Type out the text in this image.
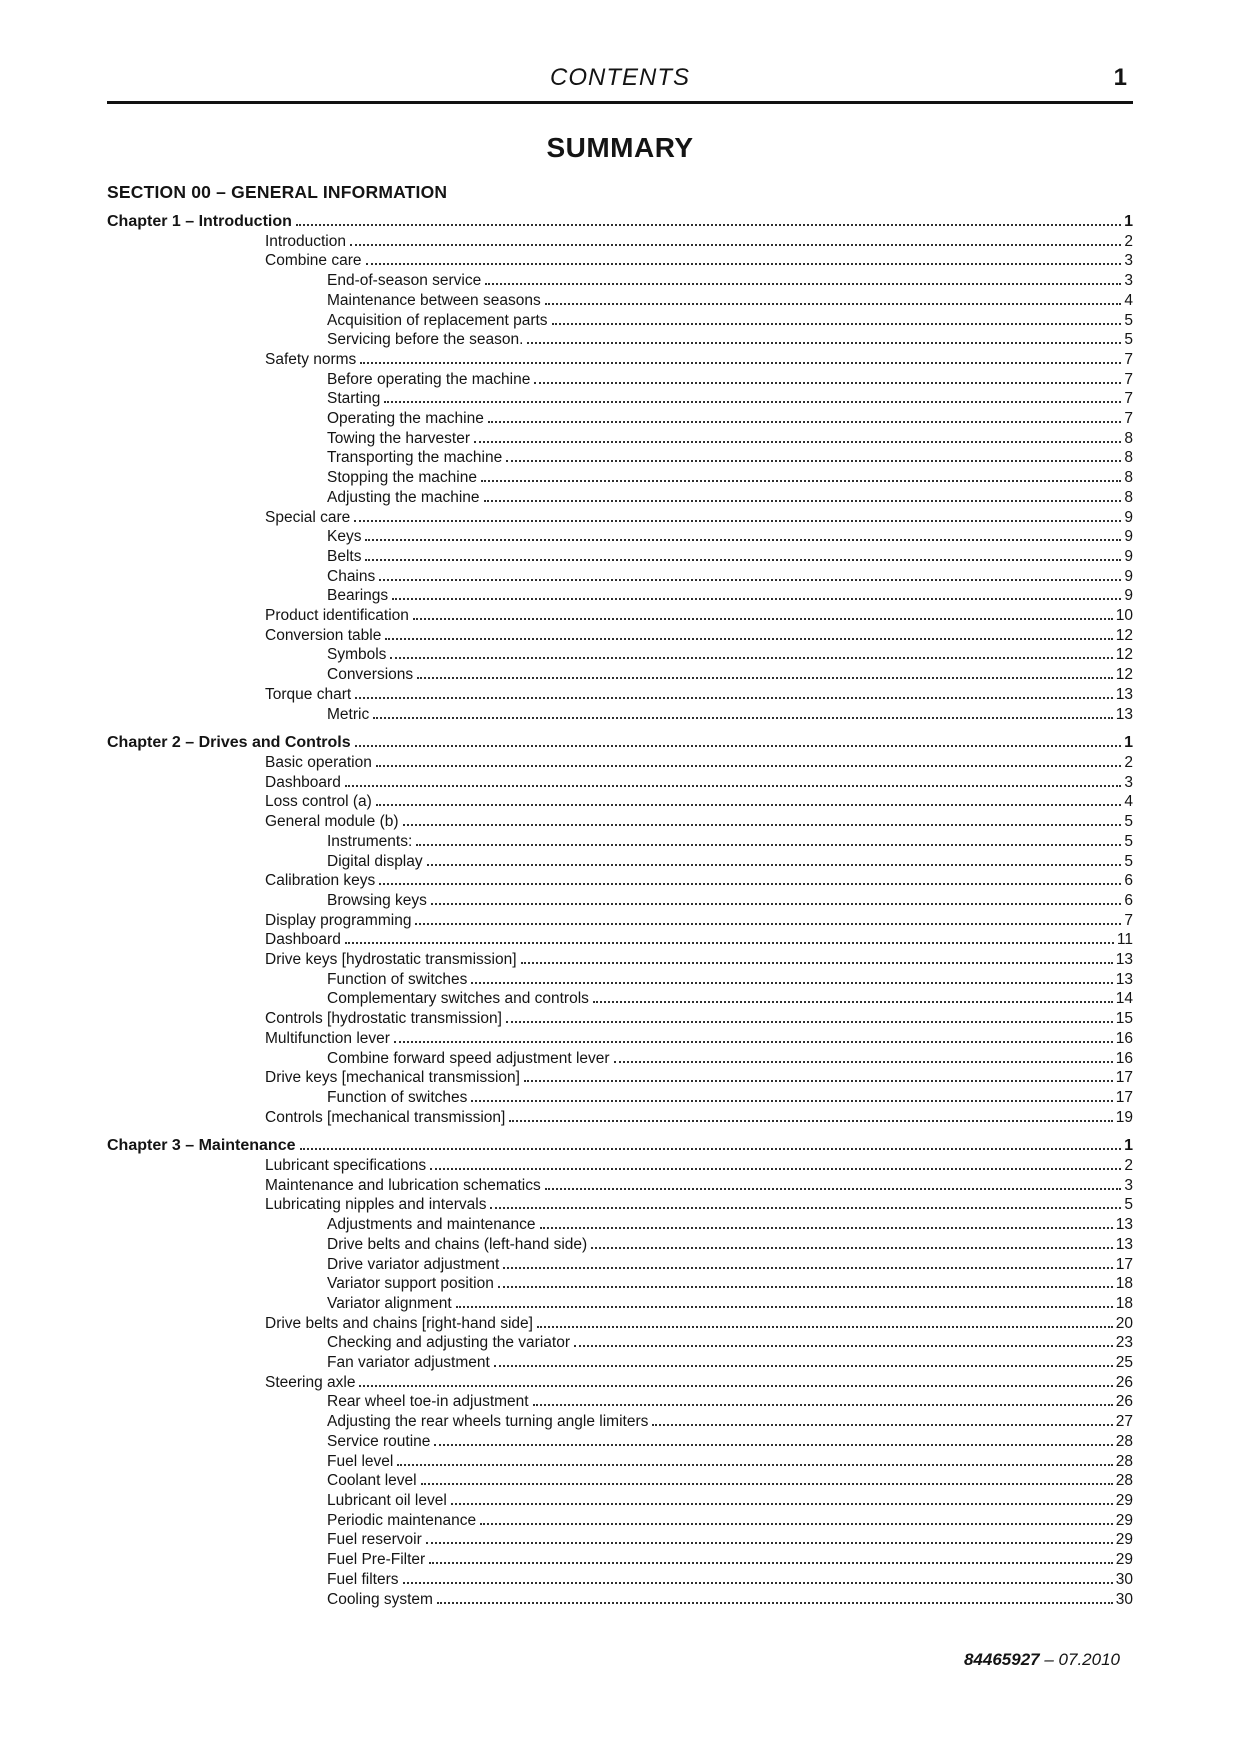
CONTENTS	1
SUMMARY
SECTION 00 – GENERAL INFORMATION
Chapter 1 – Introduction	1
Introduction	2
Combine care	3
End-of-season service	3
Maintenance between seasons	4
Acquisition of replacement parts	5
Servicing before the season.	5
Safety norms	7
Before operating the machine	7
Starting	7
Operating the machine	7
Towing the harvester	8
Transporting the machine	8
Stopping the machine	8
Adjusting the machine	8
Special care	9
Keys	9
Belts	9
Chains	9
Bearings	9
Product identification	10
Conversion table	12
Symbols	12
Conversions	12
Torque chart	13
Metric	13
Chapter 2 – Drives and Controls	1
Basic operation	2
Dashboard	3
Loss control (a)	4
General module (b)	5
Instruments:	5
Digital display	5
Calibration keys	6
Browsing keys	6
Display programming	7
Dashboard	11
Drive keys [hydrostatic transmission]	13
Function of switches	13
Complementary switches and controls	14
Controls [hydrostatic transmission]	15
Multifunction lever	16
Combine forward speed adjustment lever	16
Drive keys [mechanical transmission]	17
Function of switches	17
Controls [mechanical transmission]	19
Chapter 3 – Maintenance	1
Lubricant specifications	2
Maintenance and lubrication schematics	3
Lubricating nipples and intervals	5
Adjustments and maintenance	13
Drive belts and chains (left-hand side)	13
Drive variator adjustment	17
Variator support position	18
Variator alignment	18
Drive belts and chains [right-hand side]	20
Checking and adjusting the variator	23
Fan variator adjustment	25
Steering axle	26
Rear wheel toe-in adjustment	26
Adjusting the rear wheels turning angle limiters	27
Service routine	28
Fuel level	28
Coolant level	28
Lubricant oil level	29
Periodic maintenance	29
Fuel reservoir	29
Fuel Pre-Filter	29
Fuel filters	30
Cooling system	30
84465927 – 07.2010
